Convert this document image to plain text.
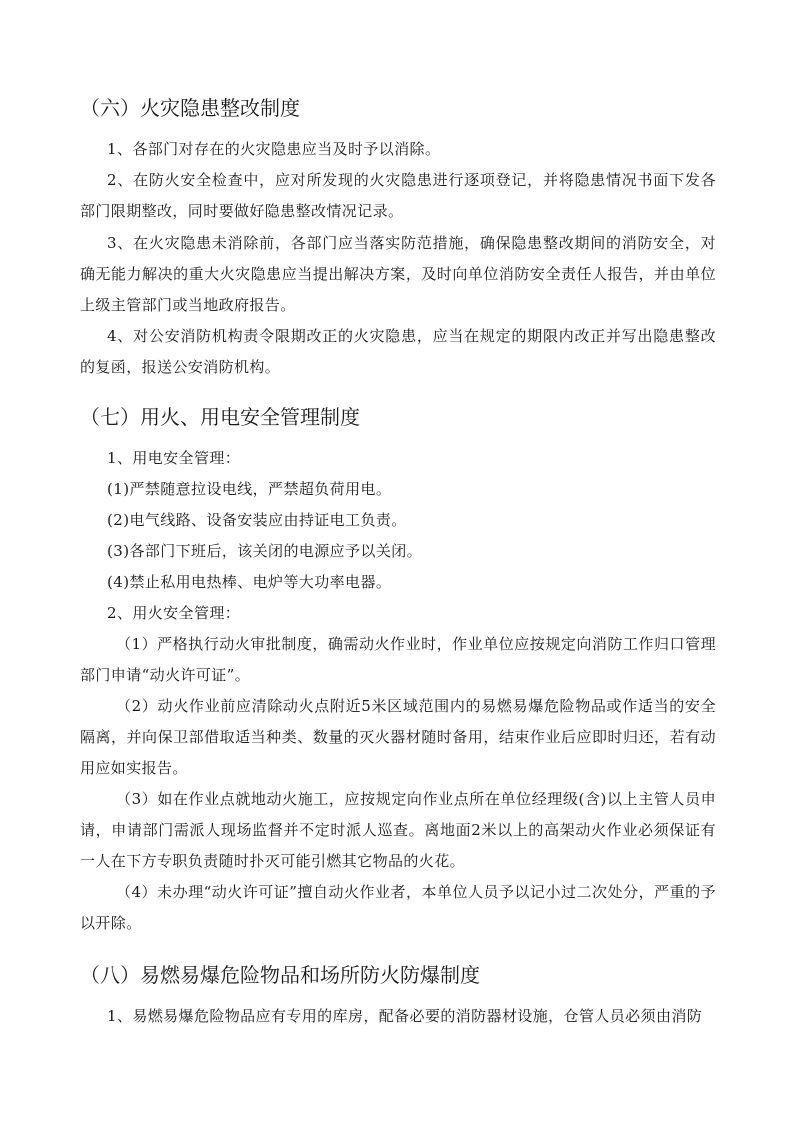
（六）火灾隐患整改制度

1、各部门对存在的火灾隐患应当及时予以消除。

2、在防火安全检查中，应对所发现的火灾隐患进行逐项登记，并将隐患情况书面下发各部门限期整改，同时要做好隐患整改情况记录。

3、在火灾隐患未消除前，各部门应当落实防范措施，确保隐患整改期间的消防安全，对确无能力解决的重大火灾隐患应当提出解决方案，及时向单位消防安全责任人报告，并由单位上级主管部门或当地政府报告。

4、对公安消防机构责令限期改正的火灾隐患，应当在规定的期限内改正并写出隐患整改的复函，报送公安消防机构。

（七）用火、用电安全管理制度

1、用电安全管理：

(1)严禁随意拉设电线，严禁超负荷用电。

(2)电气线路、设备安装应由持证电工负责。

(3)各部门下班后，该关闭的电源应予以关闭。

(4)禁止私用电热棒、电炉等大功率电器。

2、用火安全管理：

（1）严格执行动火审批制度，确需动火作业时，作业单位应按规定向消防工作归口管理部门申请“动火许可证”。

（2）动火作业前应清除动火点附近5米区域范围内的易燃易爆危险物品或作适当的安全隔离，并向保卫部借取适当种类、数量的灭火器材随时备用，结束作业后应即时归还，若有动用应如实报告。

（3）如在作业点就地动火施工，应按规定向作业点所在单位经理级(含)以上主管人员申请，申请部门需派人现场监督并不定时派人巡查。离地面2米以上的高架动火作业必须保证有一人在下方专职负责随时扑灭可能引燃其它物品的火花。

（4）未办理“动火许可证”擅自动火作业者，本单位人员予以记小过二次处分，严重的予以开除。

（八）易燃易爆危险物品和场所防火防爆制度

1、易燃易爆危险物品应有专用的库房，配备必要的消防器材设施，仓管人员必须由消防
